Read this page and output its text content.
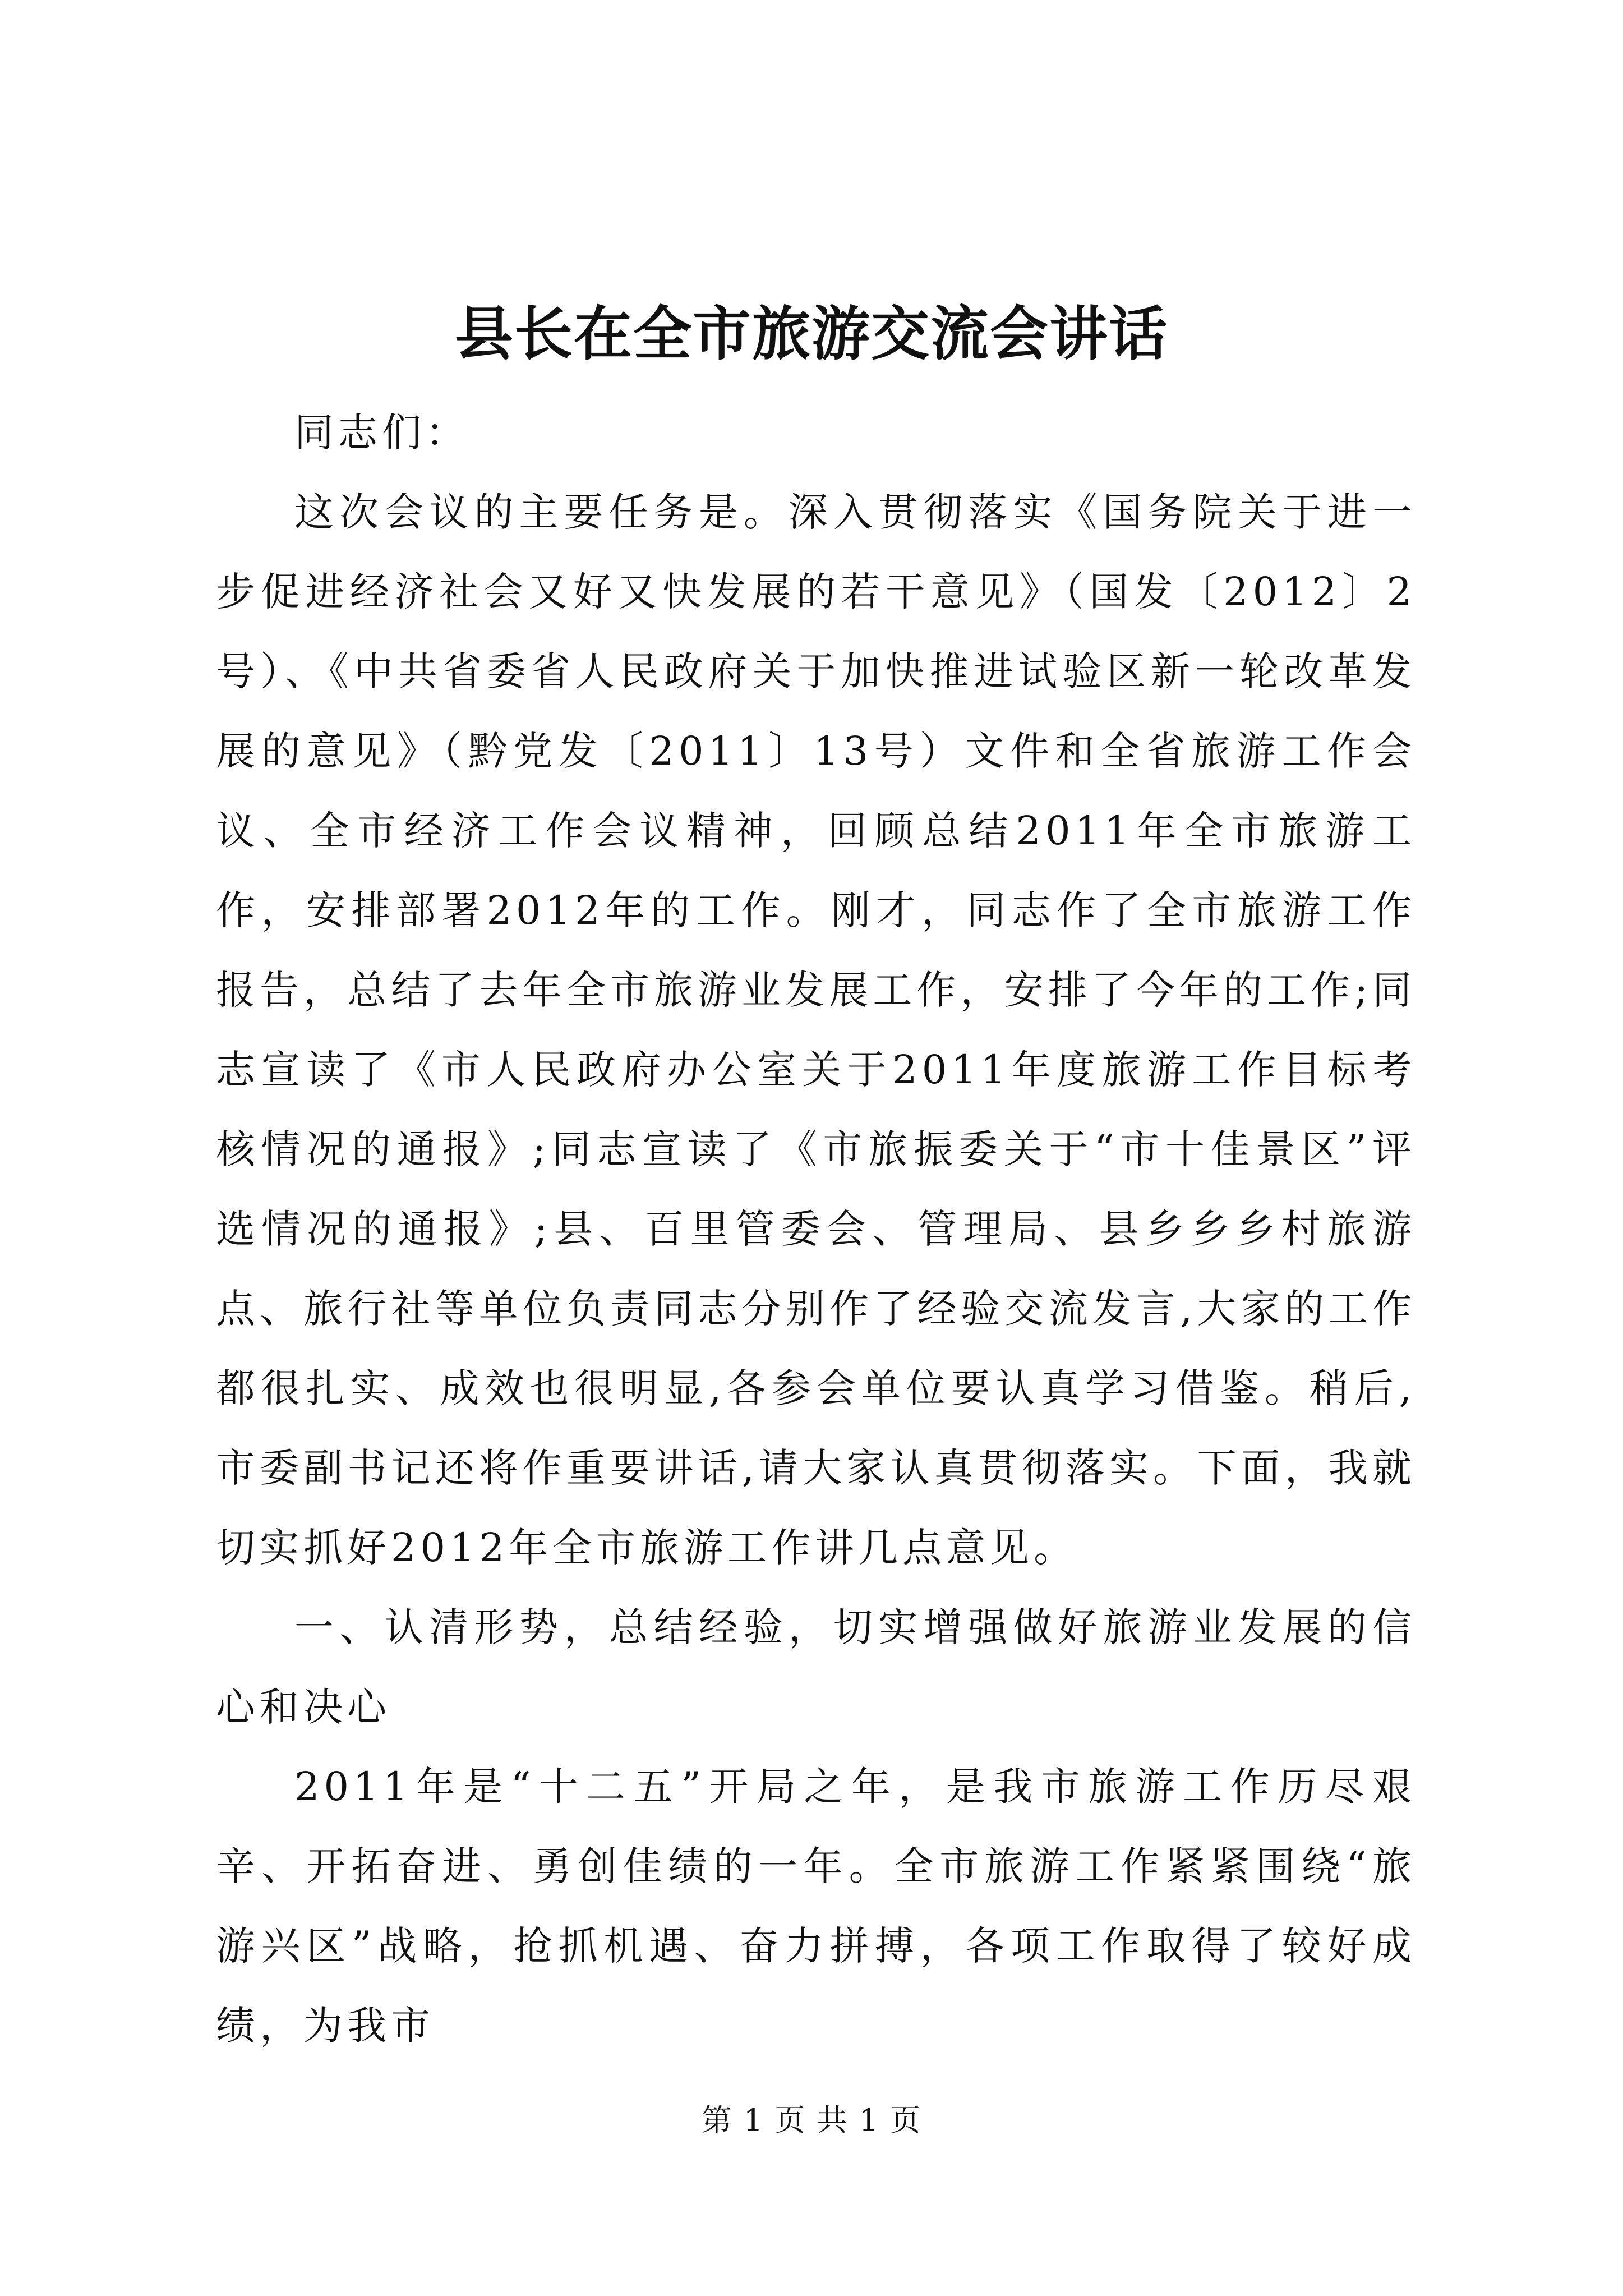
县长在全市旅游交流会讲话

同志们：

这次会议的主要任务是。深入贯彻落实《国务院关于进一步促进经济社会又好又快发展的若干意见》（国发〔2012〕2号）、《中共省委省人民政府关于加快推进试验区新一轮改革发展的意见》（黔党发〔2011〕13号）文件和全省旅游工作会议、全市经济工作会议精神，回顾总结2011年全市旅游工作，安排部署2012年的工作。刚才，同志作了全市旅游工作报告，总结了去年全市旅游业发展工作，安排了今年的工作;同志宣读了《市人民政府办公室关于2011年度旅游工作目标考核情况的通报》;同志宣读了《市旅振委关于“市十佳景区”评选情况的通报》;县、百里管委会、管理局、县乡乡乡村旅游点、旅行社等单位负责同志分别作了经验交流发言,大家的工作都很扎实、成效也很明显,各参会单位要认真学习借鉴。稍后,市委副书记还将作重要讲话,请大家认真贯彻落实。下面，我就切实抓好2012年全市旅游工作讲几点意见。

一、认清形势，总结经验，切实增强做好旅游业发展的信心和决心

2011年是“十二五”开局之年，是我市旅游工作历尽艰辛、开拓奋进、勇创佳绩的一年。全市旅游工作紧紧围绕“旅游兴区”战略，抢抓机遇、奋力拼搏，各项工作取得了较好成绩，为我市

第 1 页 共 1 页
